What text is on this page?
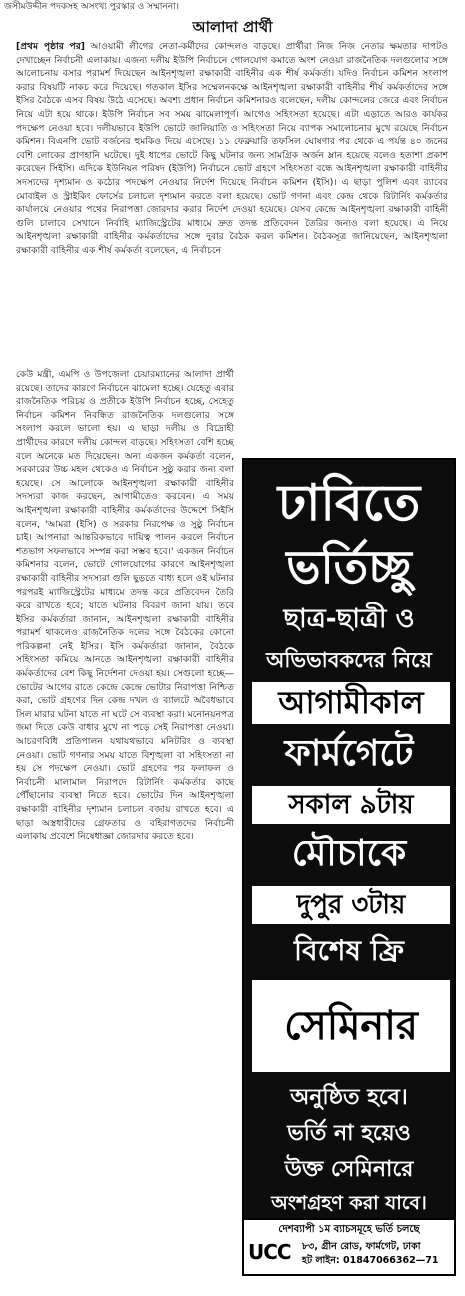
জসীমউদ্দীন পদকসহ অসংখ্য পুরস্কার ও সম্মাননা।
আলাদা প্রার্থী

[প্রথম পৃষ্ঠার পর] আওয়ামী লীগের নেতা-কর্মীদের কোন্দলও বাড়ছে। প্রার্থীরা নিজ নিজ নেতার ক্ষমতার দাপটও দেখাচ্ছেন নির্বাচনী এলাকায়। এজন্য দলীয় ইউপি নির্বাচনে গোলযোগ কমাতে অংশ নেওয়া রাজনৈতিক দলগুলোর সঙ্গে আলোচনায় বসার পরামর্শ দিয়েছেন আইনশৃঙ্খলা রক্ষাকারী বাহিনীর এক শীর্ষ কর্মকর্তা। যদিও নির্বাচন কমিশন সংলাপ করার বিষয়টি নাকচ করে দিয়েছে। গতকাল ইসির সম্মেলনকক্ষে আইনশৃঙ্খলা রক্ষাকারী বাহিনীর শীর্ষ কর্মকর্তাদের সঙ্গে ইসির বৈঠকে এসব বিষয় উঠে এসেছে। অবশ্য প্রধান নির্বাচন কমিশনারও বলেছেন, দলীয় কোন্দলের জেরে এবং নির্বাচন নিয়ে এটা হয়ে থাকে। ইউপি নির্বাচন সব সময় ঝামেলাপূর্ণ। আগেও সহিংসতা হয়েছে। এটা এড়াতে আরও কার্যকর পদক্ষেপ নেওয়া হবে। দলীয়ভাবে ইউপি ভোটে জালিয়াতি ও সহিংসতা নিয়ে ব্যাপক সমালোচনার মুখে রয়েছে নির্বাচন কমিশন। বিএনপি ভোট বর্জনের হুমকিও দিয়ে এসেছে। ১১ ফেব্রুয়ারি তফসিল ঘোষণার পর থেকে এ পর্যন্ত ৪০ জনের বেশি লোকের প্রাণহানি ঘটেছে। দুই ধাপের ভোটে কিছু ঘটনার জন্য সামগ্রিক অর্জন ম্লান হয়েছে বলেও হতাশা প্রকাশ করেছেন সিইসি। এদিকে ইউনিয়ন পরিষদ (ইউপি) নির্বাচনে ভোট গ্রহণে সহিংসতা বন্ধে আইনশৃঙ্খলা রক্ষাকারী বাহিনীর সদস্যদের দৃশ্যমান ও কঠোর পদক্ষেপ নেওয়ার নির্দেশ দিয়েছে নির্বাচন কমিশন (ইসি)। এ ছাড়া পুলিশ এবং র‍্যাবের মোবাইল ও স্ট্রাইকিং ফোর্সের চলাচল দৃশ্যমান করতে বলা হয়েছে। ভোট গণনা এবং কেন্দ্র থেকে রিটার্নিং কর্মকর্তার কার্যালয়ে নেওয়ার পথের নিরাপত্তা জোরদার করার নির্দেশ দেওয়া হয়েছে। যেসব কেন্দ্রে আইনশৃঙ্খলা রক্ষাকারী বাহিনী গুলি চালাবে সেখানে নির্বাহি ম্যাজিস্ট্রেটের মাধ্যমে দ্রুত তদন্ত প্রতিবেদন তৈরির জন্যও বলা হয়েছে। এ নিয়ে আইনশৃঙ্খলা রক্ষাকারী বাহিনীর কর্মকর্তাদের সঙ্গে দুবার বৈঠক করল কমিশন। বৈঠকসূত্র জানিয়েছেন, আইনশৃঙ্খলা রক্ষাকারী বাহিনীর এক শীর্ষ কর্মকর্তা বলেছেন, এ নির্বাচনে

কেউ মন্ত্রী, এমপি ও উপজেলা চেয়ারম্যানের আলাদা প্রার্থী রয়েছে। তাদের কারণে নির্বাচনে ঝামেলা হচ্ছে। যেহেতু এবার রাজনৈতিক পরিচয় ও প্রতীকে ইউপি নির্বাচন হচ্ছে, সেহেতু নির্বাচন কমিশন নিবন্ধিত রাজনৈতিক দলগুলোর সঙ্গে সংলাপ করলে ভালো হয়। এ ছাড়া দলীয় ও বিদ্রোহী প্রার্থীদের কারণে দলীয় কোন্দল বাড়ছে। সহিংসতা বেশি হচ্ছে বলে অনেকে মত দিয়েছেন। অন্য একজন কর্মকর্তা বলেন, সরকারের উচ্চ মহল থেকেও এ নির্বাচন সুষ্ঠু করার জন্য বলা হয়েছে। সে আলোকে আইনশৃঙ্খলা রক্ষাকারী বাহিনীর সদস্যরা কাজ করছেন, আগামীতেও করবেন। এ সময় আইনশৃঙ্খলা রক্ষাকারী বাহিনীর কর্মকর্তাদের উদ্দেশে সিইসি বলেন, 'আমরা (ইসি) ও সরকার নিরপেক্ষ ও সুষ্ঠু নির্বাচন চাই। আপনারা আন্তরিকভাবে দায়িত্ব পালন করলে নির্বাচন শতভাগ সফলভাবে সম্পন্ন করা সম্ভব হবে।' একজন নির্বাচন কমিশনার বলেন, ভোটে গোলযোগের কারণে আইনশৃঙ্খলা রক্ষাকারী বাহিনীর সদস্যরা গুলি ছুড়তে বাধ্য হলে ওই ঘটনার পরপরই ম্যাজিস্ট্রেটের মাধ্যমে তদন্ত করে প্রতিবেদন তৈরি করে রাখতে হবে; যাতে ঘটনার বিবরণ জানা যায়। তবে ইসির কর্মকর্তারা জানান, আইনশৃঙ্খলা রক্ষাকারী বাহিনীর পরামর্শ থাকলেও রাজনৈতিক দলের সঙ্গে বৈঠকের কোনো পরিকল্পনা নেই ইসির। ইসি কর্মকর্তারা জানান, বৈঠকে সহিংসতা কমিয়ে আনতে আইনশৃঙ্খলা রক্ষাকারী বাহিনীর কর্মকর্তাদের বেশ কিছু নির্দেশনা দেওয়া হয়। সেগুলো হচ্ছে— ভোটের আগের রাতে কেন্দ্রে কেন্দ্রে ভোটার নিরাপত্তা নিশ্চিত করা, ভোট গ্রহণের দিন কেন্দ্র দখল ও ব্যালটে অবৈধভাবে সিল মারার ঘটনা যাতে না ঘটে সে ব্যবস্থা করা। মনোনয়নপত্র জমা দিতে কেউ বাধার মুখে না পড়ে সেই নিরাপত্তা নেওয়া। আচরণবিধি প্রতিপালন যথাযথভাবে মনিটরিং ও ব্যবস্থা নেওয়া। ভোট গণনার সময় যাতে বিশৃঙ্খলা বা সহিংসতা না হয় সে পদক্ষেপ নেওয়া। ভোট গ্রহণের পর ফলাফল ও নির্বাচনী মালামাল নিরাপদে রিটার্নিং কর্মকর্তার কাছে পৌঁছানোর ব্যবস্থা নিতে হবে। ভোটের দিন আইনশৃঙ্খলা রক্ষাকারী বাহিনীর দৃশ্যমান চলাচল বজায় রাখতে হবে। এ ছাড়া অস্ত্রধারীদের গ্রেফতার ও বহিরাগতদের নির্বাচনী এলাকায় প্রবেশে নিষেধাজ্ঞা জোরদার করতে হবে।

ঢাবিতে
ভর্তিচ্ছু
ছাত্র-ছাত্রী ও
অভিভাবকদের নিয়ে
আগামীকাল
ফার্মগেটে
সকাল ৯টায়
মৌচাকে
দুপুর ৩টায়
বিশেষ ফ্রি
সেমিনার
অনুষ্ঠিত হবে।
ভর্তি না হয়েও
উক্ত সেমিনারে
অংশগ্রহণ করা যাবে।
দেশব্যাপী ১ম ব্যাচসমূহে ভর্তি চলছে
UCC ৮৩, গ্রীন রোড, ফার্মগেট, ঢাকা
হট লাইন: 01847066362—71
